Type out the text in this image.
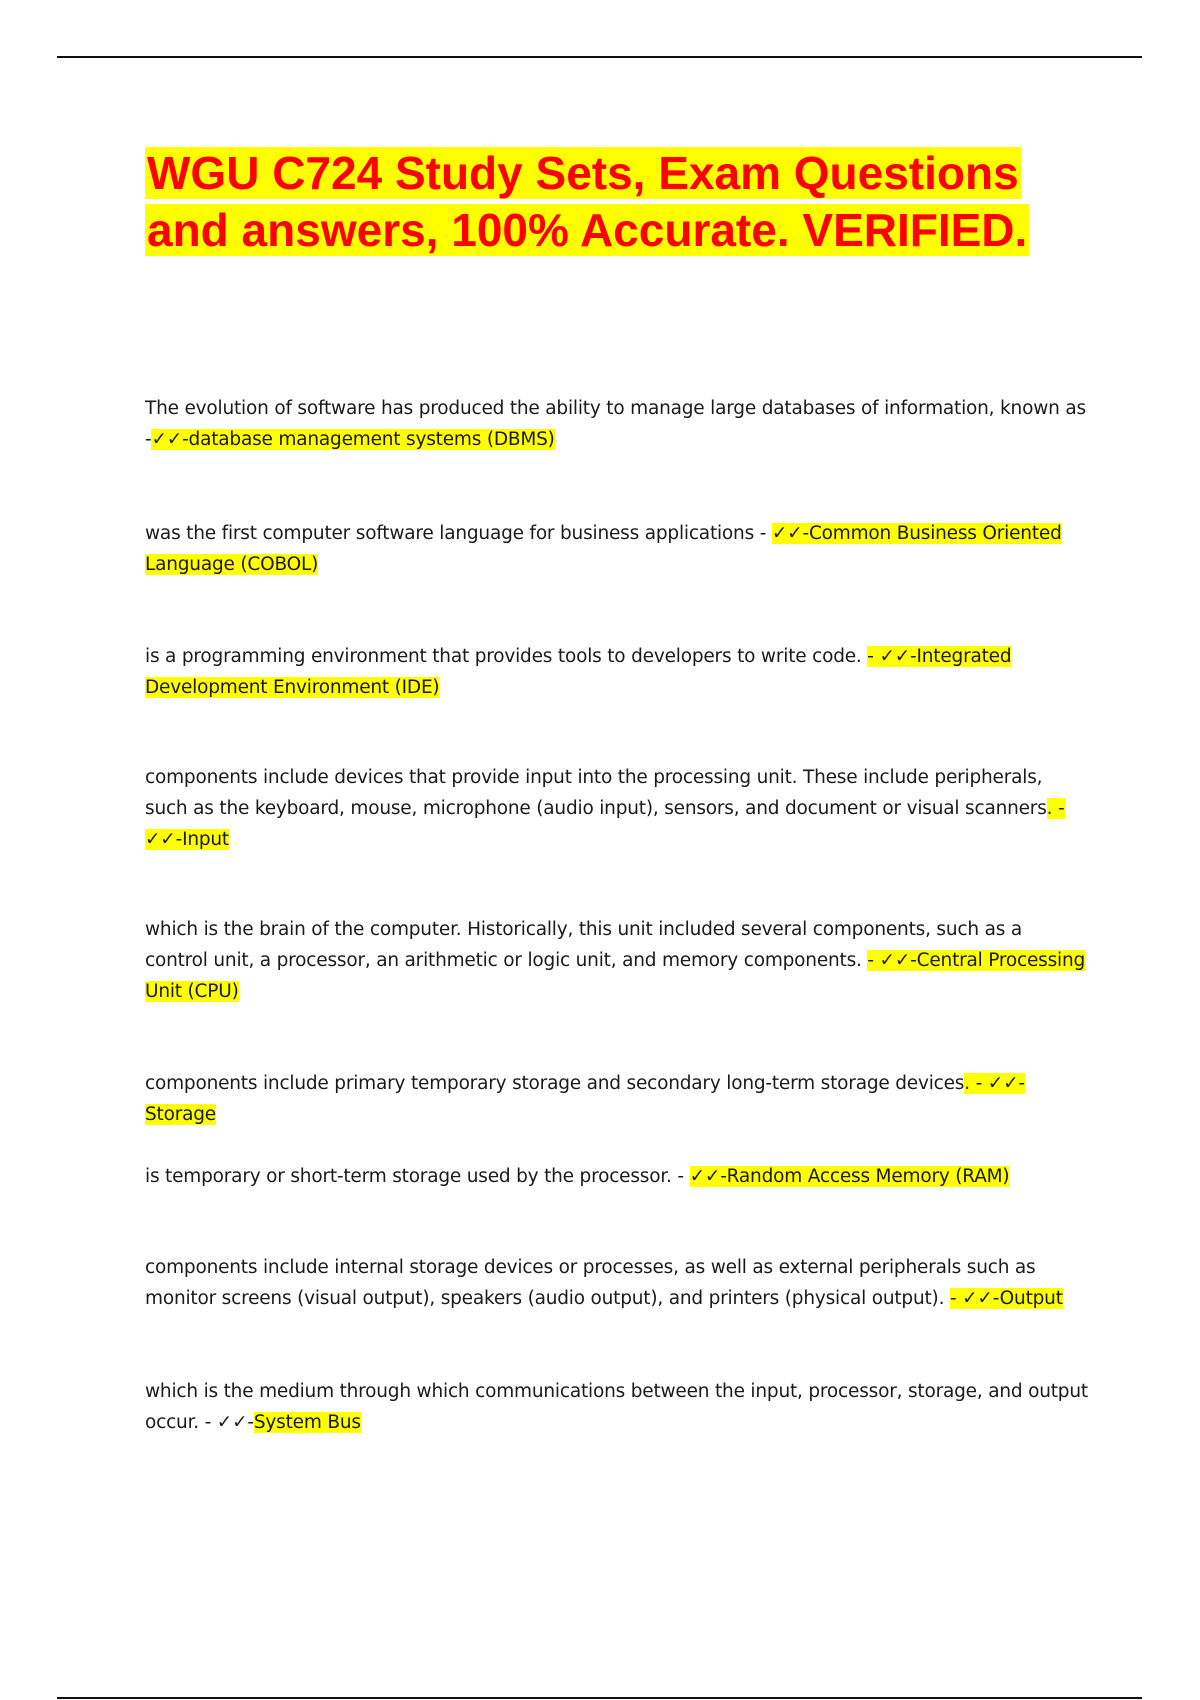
WGU C724 Study Sets, Exam Questions
and answers, 100% Accurate. VERIFIED.

The evolution of software has produced the ability to manage large databases of information, known as -✓✓-database management systems (DBMS)

was the first computer software language for business applications - ✓✓-Common Business Oriented Language (COBOL)

is a programming environment that provides tools to developers to write code. - ✓✓-Integrated Development Environment (IDE)

components include devices that provide input into the processing unit. These include peripherals, such as the keyboard, mouse, microphone (audio input), sensors, and document or visual scanners. - ✓✓-Input

which is the brain of the computer. Historically, this unit included several components, such as a control unit, a processor, an arithmetic or logic unit, and memory components. - ✓✓-Central Processing Unit (CPU)

components include primary temporary storage and secondary long-term storage devices. - ✓✓-Storage

is temporary or short-term storage used by the processor. - ✓✓-Random Access Memory (RAM)

components include internal storage devices or processes, as well as external peripherals such as monitor screens (visual output), speakers (audio output), and printers (physical output). - ✓✓-Output

which is the medium through which communications between the input, processor, storage, and output occur. - ✓✓-System Bus
